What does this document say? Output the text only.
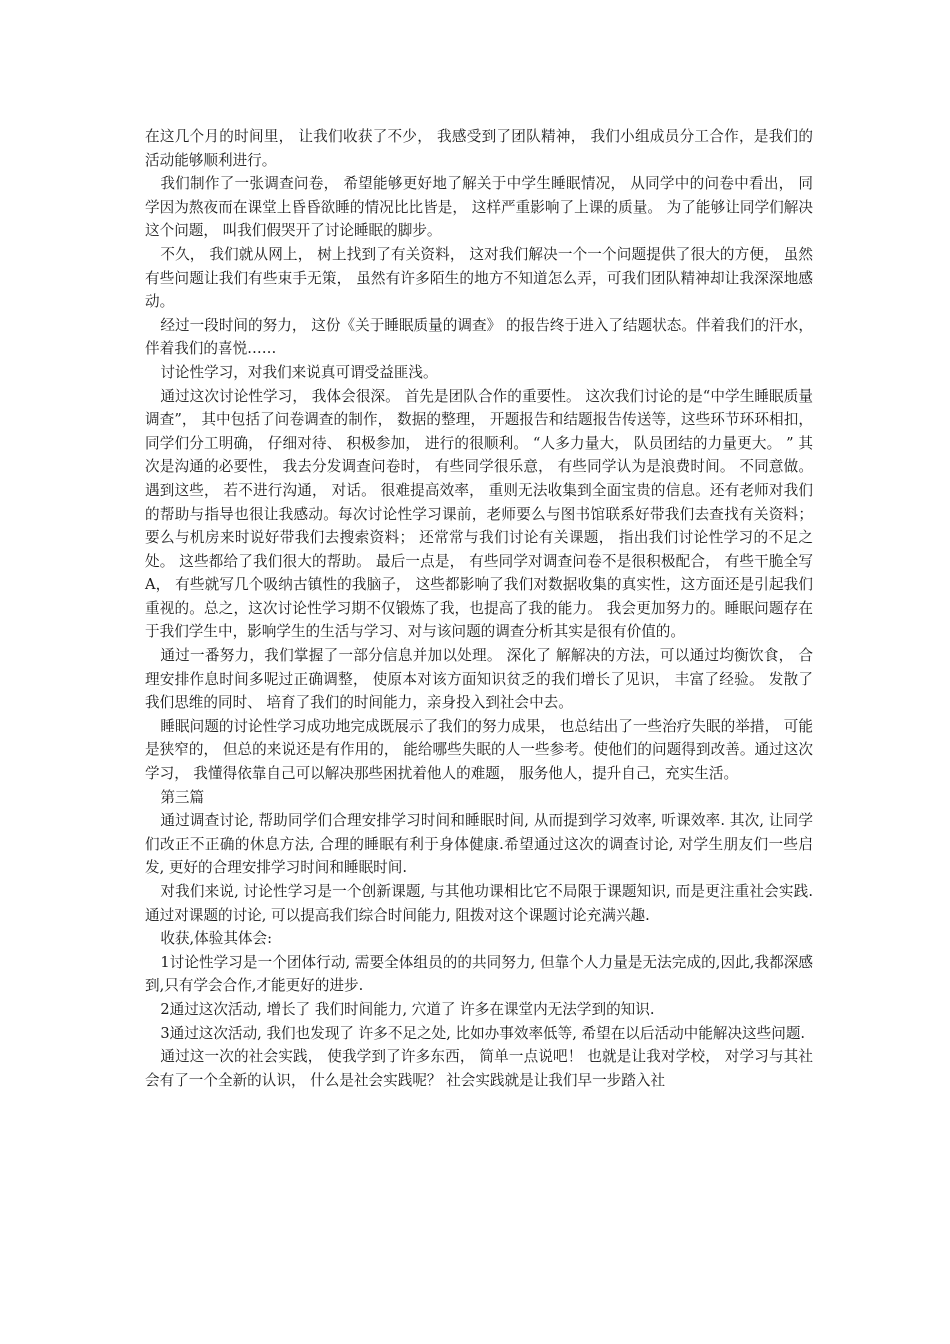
在这几个月的时间里， 让我们收获了不少， 我感受到了团队精神， 我们小组成员分工合作，是我们的活动能够顺利进行。

我们制作了一张调查问卷， 希望能够更好地了解关于中学生睡眠情况， 从同学中的问卷中看出， 同学因为熬夜而在课堂上昏昏欲睡的情况比比皆是， 这样严重影响了上课的质量。 为了能够让同学们解决这个问题， 叫我们假哭开了讨论睡眠的脚步。

不久， 我们就从网上， 树上找到了有关资料， 这对我们解决一个一个问题提供了很大的方便， 虽然有些问题让我们有些束手无策， 虽然有许多陌生的地方不知道怎么弄，可我们团队精神却让我深深地感动。

经过一段时间的努力， 这份《关于睡眠质量的调查》 的报告终于进入了结题状态。伴着我们的汗水，伴着我们的喜悦……

讨论性学习，对我们来说真可谓受益匪浅。

通过这次讨论性学习， 我体会很深。 首先是团队合作的重要性。 这次我们讨论的是“中学生睡眠质量调查”， 其中包括了问卷调查的制作， 数据的整理， 开题报告和结题报告传送等，这些环节环环相扣， 同学们分工明确， 仔细对待、 积极参加， 进行的很顺利。 “人多力量大， 队员团结的力量更大。 ” 其次是沟通的必要性， 我去分发调查问卷时， 有些同学很乐意， 有些同学认为是浪费时间。 不同意做。遇到这些， 若不进行沟通， 对话。 很难提高效率， 重则无法收集到全面宝贵的信息。还有老师对我们的帮助与指导也很让我感动。每次讨论性学习课前，老师要么与图书馆联系好带我们去查找有关资料； 要么与机房来时说好带我们去搜索资料； 还常常与我们讨论有关课题， 指出我们讨论性学习的不足之处。 这些都给了我们很大的帮助。 最后一点是， 有些同学对调查问卷不是很积极配合， 有些干脆全写A， 有些就写几个吸纳古镇性的我脑子， 这些都影响了我们对数据收集的真实性，这方面还是引起我们重视的。总之，这次讨论性学习期不仅锻炼了我，也提高了我的能力。 我会更加努力的。睡眠问题存在于我们学生中，影响学生的生活与学习、对与该问题的调查分析其实是很有价值的。

通过一番努力，我们掌握了一部分信息并加以处理。 深化了 解解决的方法，可以通过均衡饮食， 合理安排作息时间多呢过正确调整， 使原本对该方面知识贫乏的我们增长了见识， 丰富了经验。 发散了我们思维的同时、 培育了我们的时间能力，亲身投入到社会中去。

睡眠问题的讨论性学习成功地完成既展示了我们的努力成果， 也总结出了一些治疗失眠的举措， 可能是狭窄的， 但总的来说还是有作用的， 能给哪些失眠的人一些参考。使他们的问题得到改善。通过这次学习， 我懂得依靠自己可以解决那些困扰着他人的难题， 服务他人，提升自己，充实生活。

第三篇

通过调查讨论, 帮助同学们合理安排学习时间和睡眠时间, 从而提到学习效率, 听课效率. 其次, 让同学们改正不正确的休息方法, 合理的睡眠有利于身体健康.希望通过这次的调查讨论, 对学生朋友们一些启发, 更好的合理安排学习时间和睡眠时间.

对我们来说, 讨论性学习是一个创新课题, 与其他功课相比它不局限于课题知识, 而是更注重社会实践. 通过对课题的讨论, 可以提高我们综合时间能力, 阻拨对这个课题讨论充满兴趣.

收获,体验其体会:

1讨论性学习是一个团体行动, 需要全体组员的的共同努力, 但靠个人力量是无法完成的,因此,我都深感到,只有学会合作,才能更好的进步.

2通过这次活动, 增长了 我们时间能力, 穴道了 许多在课堂内无法学到的知识.

3通过这次活动, 我们也发现了 许多不足之处, 比如办事效率低等, 希望在以后活动中能解决这些问题.

通过这一次的社会实践， 使我学到了许多东西， 简单一点说吧！ 也就是让我对学校， 对学习与其社会有了一个全新的认识， 什么是社会实践呢？ 社会实践就是让我们早一步踏入社
